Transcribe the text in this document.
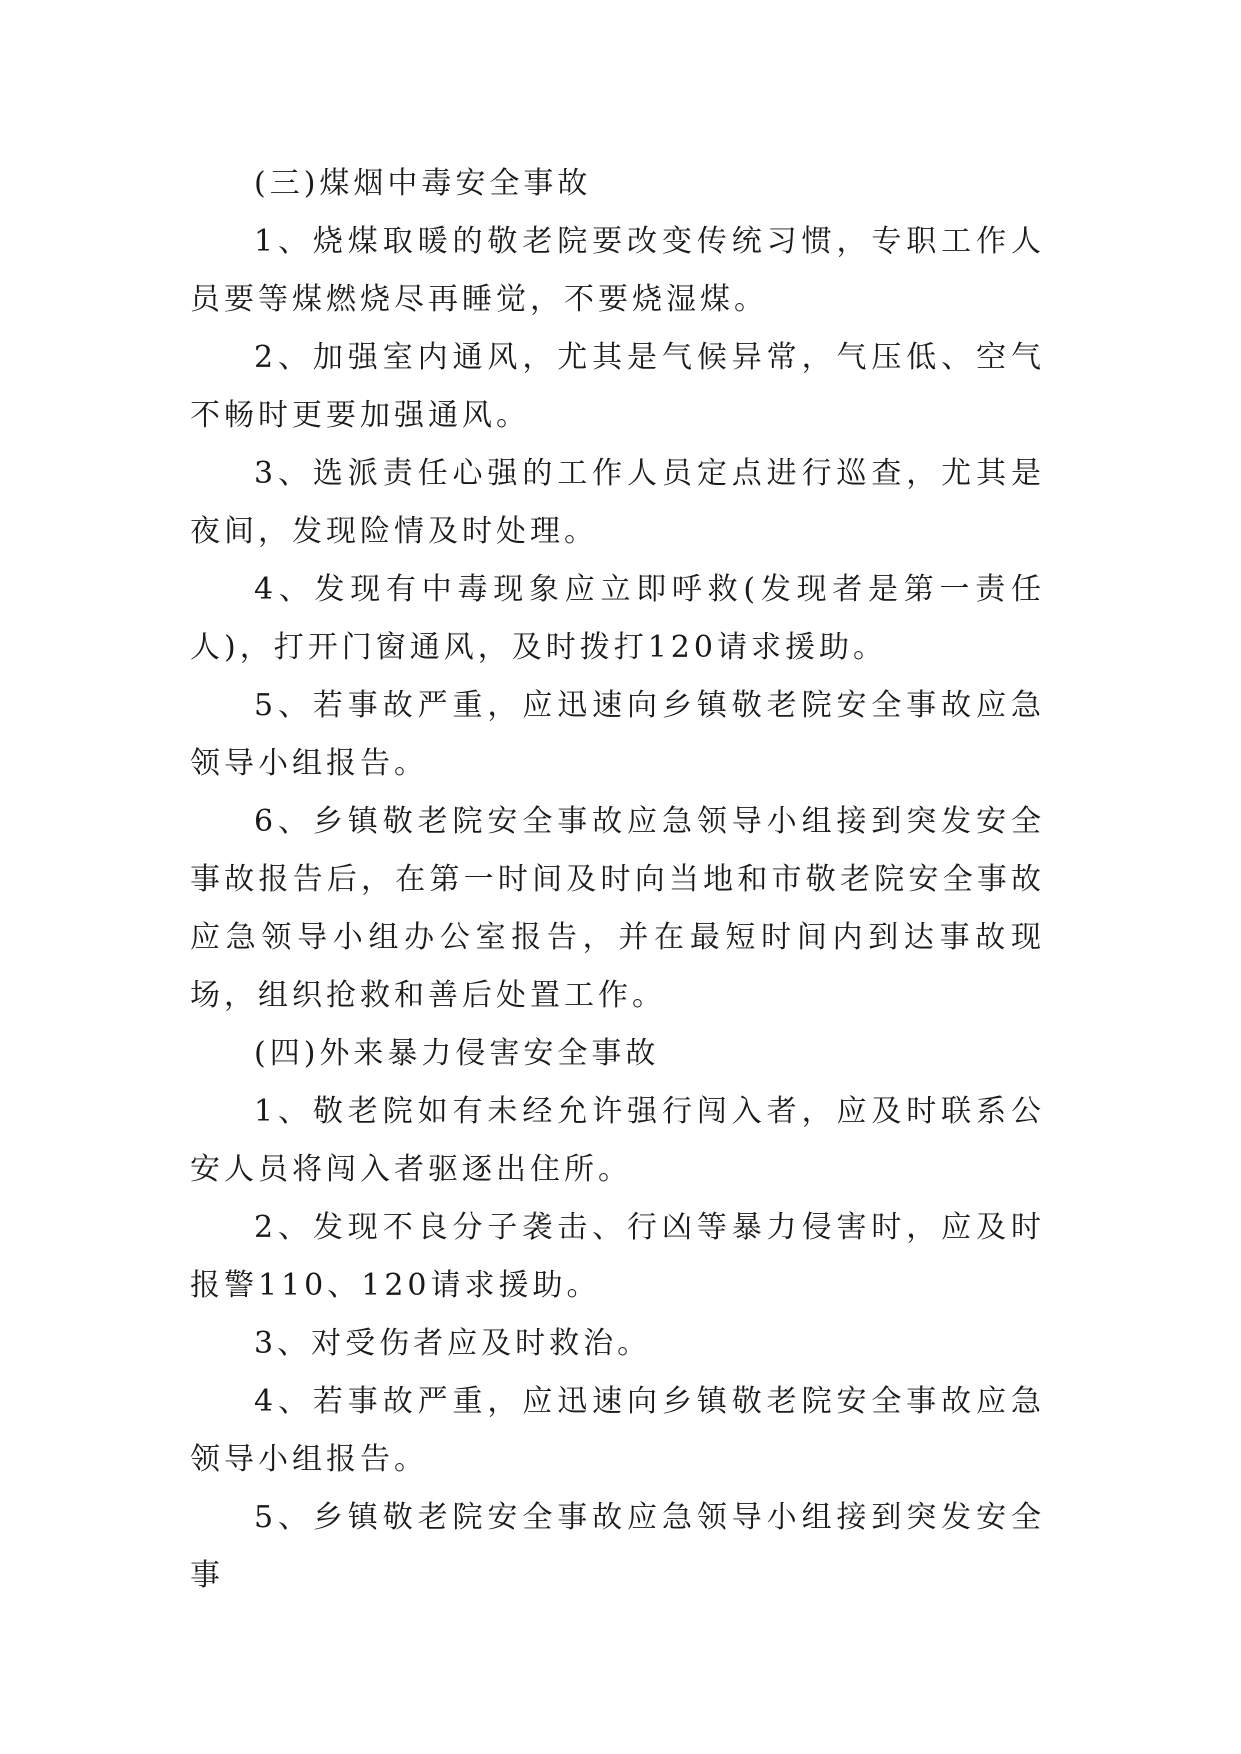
(三)煤烟中毒安全事故

1、烧煤取暖的敬老院要改变传统习惯，专职工作人员要等煤燃烧尽再睡觉，不要烧湿煤。

2、加强室内通风，尤其是气候异常，气压低、空气不畅时更要加强通风。

3、选派责任心强的工作人员定点进行巡查，尤其是夜间，发现险情及时处理。

4、发现有中毒现象应立即呼救(发现者是第一责任人)，打开门窗通风，及时拨打120请求援助。

5、若事故严重，应迅速向乡镇敬老院安全事故应急领导小组报告。

6、乡镇敬老院安全事故应急领导小组接到突发安全事故报告后，在第一时间及时向当地和市敬老院安全事故应急领导小组办公室报告，并在最短时间内到达事故现场，组织抢救和善后处置工作。

(四)外来暴力侵害安全事故

1、敬老院如有未经允许强行闯入者，应及时联系公安人员将闯入者驱逐出住所。

2、发现不良分子袭击、行凶等暴力侵害时，应及时报警110、120请求援助。

3、对受伤者应及时救治。

4、若事故严重，应迅速向乡镇敬老院安全事故应急领导小组报告。

5、乡镇敬老院安全事故应急领导小组接到突发安全事
